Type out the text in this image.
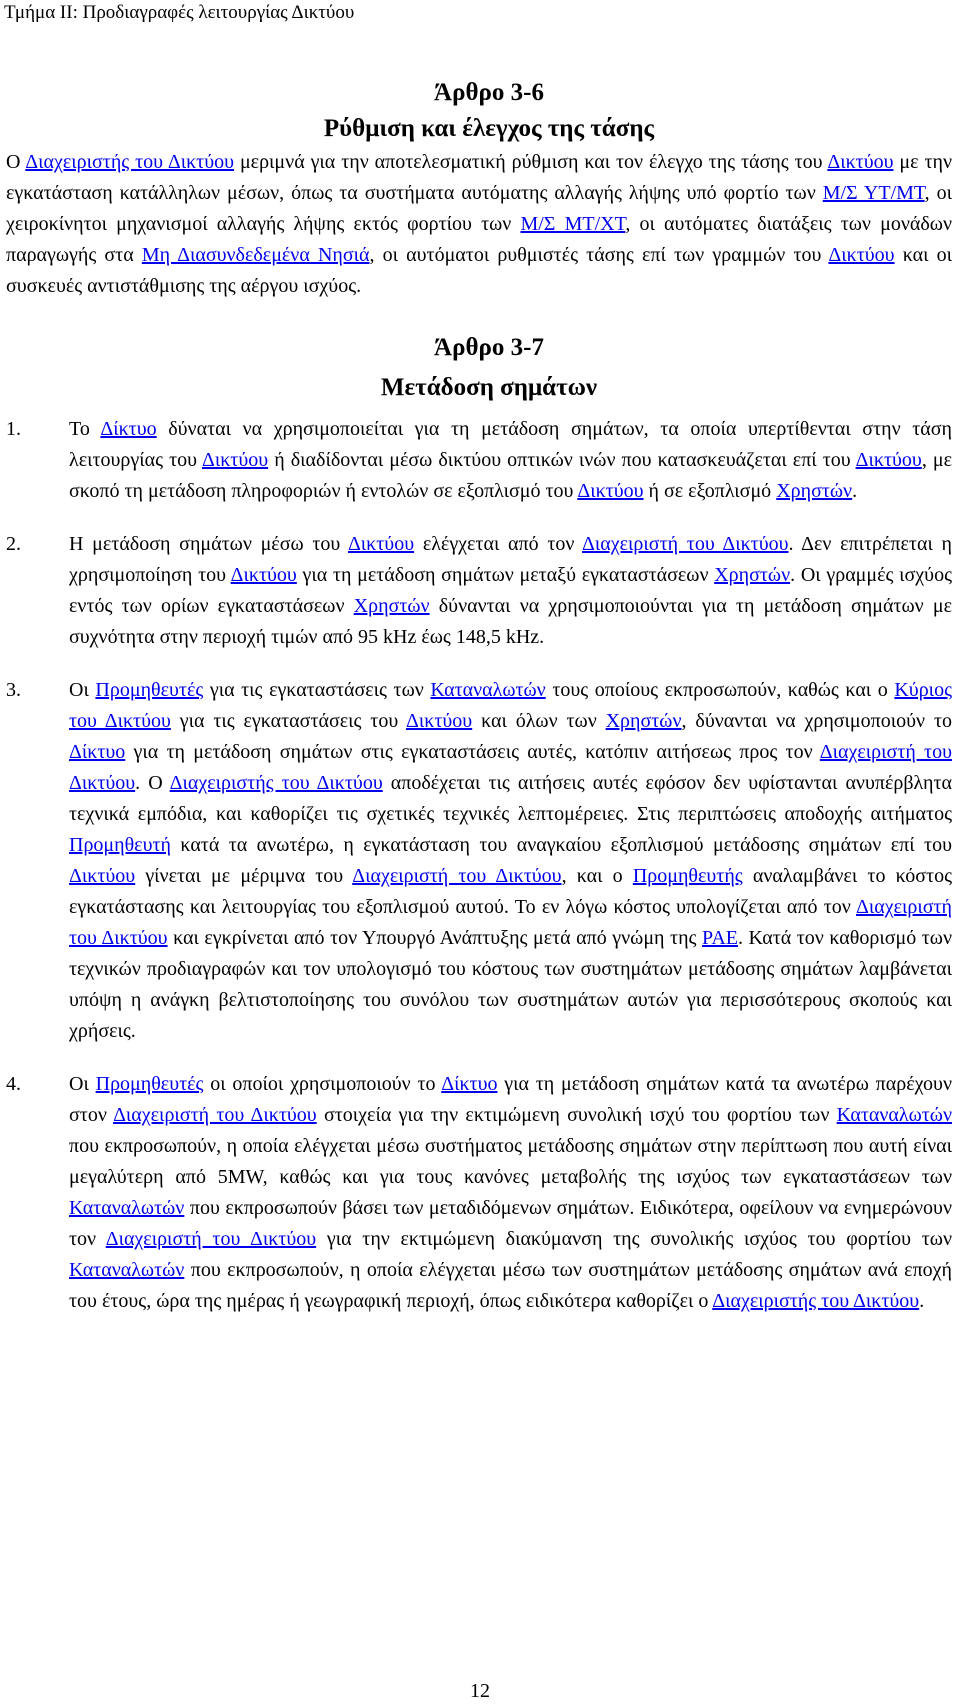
Τμήμα ΙΙ: Προδιαγραφές λειτουργίας Δικτύου
Άρθρο 3-6
Ρύθμιση και έλεγχος της τάσης

Ο Διαχειριστής του Δικτύου μεριμνά για την αποτελεσματική ρύθμιση και τον έλεγχο της τάσης του Δικτύου με την εγκατάσταση κατάλληλων μέσων, όπως τα συστήματα αυτόματης αλλαγής λήψης υπό φορτίο των Μ/Σ ΥΤ/ΜΤ, οι χειροκίνητοι μηχανισμοί αλλαγής λήψης εκτός φορτίου των Μ/Σ ΜΤ/ΧΤ, οι αυτόματες διατάξεις των μονάδων παραγωγής στα Μη Διασυνδεδεμένα Νησιά, οι αυτόματοι ρυθμιστές τάσης επί των γραμμών του Δικτύου και οι συσκευές αντιστάθμισης της αέργου ισχύος.

Άρθρο 3-7
Μετάδοση σημάτων
1. Το Δίκτυο δύναται να χρησιμοποιείται για τη μετάδοση σημάτων, τα οποία υπερτίθενται στην τάση λειτουργίας του Δικτύου ή διαδίδονται μέσω δικτύου οπτικών ινών που κατασκευάζεται επί του Δικτύου, με σκοπό τη μετάδοση πληροφοριών ή εντολών σε εξοπλισμό του Δικτύου ή σε εξοπλισμό Χρηστών.
2. Η μετάδοση σημάτων μέσω του Δικτύου ελέγχεται από τον Διαχειριστή του Δικτύου. Δεν επιτρέπεται η χρησιμοποίηση του Δικτύου για τη μετάδοση σημάτων μεταξύ εγκαταστάσεων Χρηστών. Οι γραμμές ισχύος εντός των ορίων εγκαταστάσεων Χρηστών δύνανται να χρησιμοποιούνται για τη μετάδοση σημάτων με συχνότητα στην περιοχή τιμών από 95 kHz έως 148,5 kHz.
3. Οι Προμηθευτές για τις εγκαταστάσεις των Καταναλωτών τους οποίους εκπροσωπούν, καθώς και ο Κύριος του Δικτύου για τις εγκαταστάσεις του Δικτύου και όλων των Χρηστών, δύνανται να χρησιμοποιούν το Δίκτυο για τη μετάδοση σημάτων στις εγκαταστάσεις αυτές, κατόπιν αιτήσεως προς τον Διαχειριστή του Δικτύου. Ο Διαχειριστής του Δικτύου αποδέχεται τις αιτήσεις αυτές εφόσον δεν υφίστανται ανυπέρβλητα τεχνικά εμπόδια, και καθορίζει τις σχετικές τεχνικές λεπτομέρειες. Στις περιπτώσεις αποδοχής αιτήματος Προμηθευτή κατά τα ανωτέρω, η εγκατάσταση του αναγκαίου εξοπλισμού μετάδοσης σημάτων επί του Δικτύου γίνεται με μέριμνα του Διαχειριστή του Δικτύου, και ο Προμηθευτής αναλαμβάνει το κόστος εγκατάστασης και λειτουργίας του εξοπλισμού αυτού. Το εν λόγω κόστος υπολογίζεται από τον Διαχειριστή του Δικτύου και εγκρίνεται από τον Υπουργό Ανάπτυξης μετά από γνώμη της ΡΑΕ. Κατά τον καθορισμό των τεχνικών προδιαγραφών και τον υπολογισμό του κόστους των συστημάτων μετάδοσης σημάτων λαμβάνεται υπόψη η ανάγκη βελτιστοποίησης του συνόλου των συστημάτων αυτών για περισσότερους σκοπούς και χρήσεις.
4. Οι Προμηθευτές οι οποίοι χρησιμοποιούν το Δίκτυο για τη μετάδοση σημάτων κατά τα ανωτέρω παρέχουν στον Διαχειριστή του Δικτύου στοιχεία για την εκτιμώμενη συνολική ισχύ του φορτίου των Καταναλωτών που εκπροσωπούν, η οποία ελέγχεται μέσω συστήματος μετάδοσης σημάτων στην περίπτωση που αυτή είναι μεγαλύτερη από 5MW, καθώς και για τους κανόνες μεταβολής της ισχύος των εγκαταστάσεων των Καταναλωτών που εκπροσωπούν βάσει των μεταδιδόμενων σημάτων. Ειδικότερα, οφείλουν να ενημερώνουν τον Διαχειριστή του Δικτύου για την εκτιμώμενη διακύμανση της συνολικής ισχύος του φορτίου των Καταναλωτών που εκπροσωπούν, η οποία ελέγχεται μέσω των συστημάτων μετάδοσης σημάτων ανά εποχή του έτους, ώρα της ημέρας ή γεωγραφική περιοχή, όπως ειδικότερα καθορίζει ο Διαχειριστής του Δικτύου.
12
